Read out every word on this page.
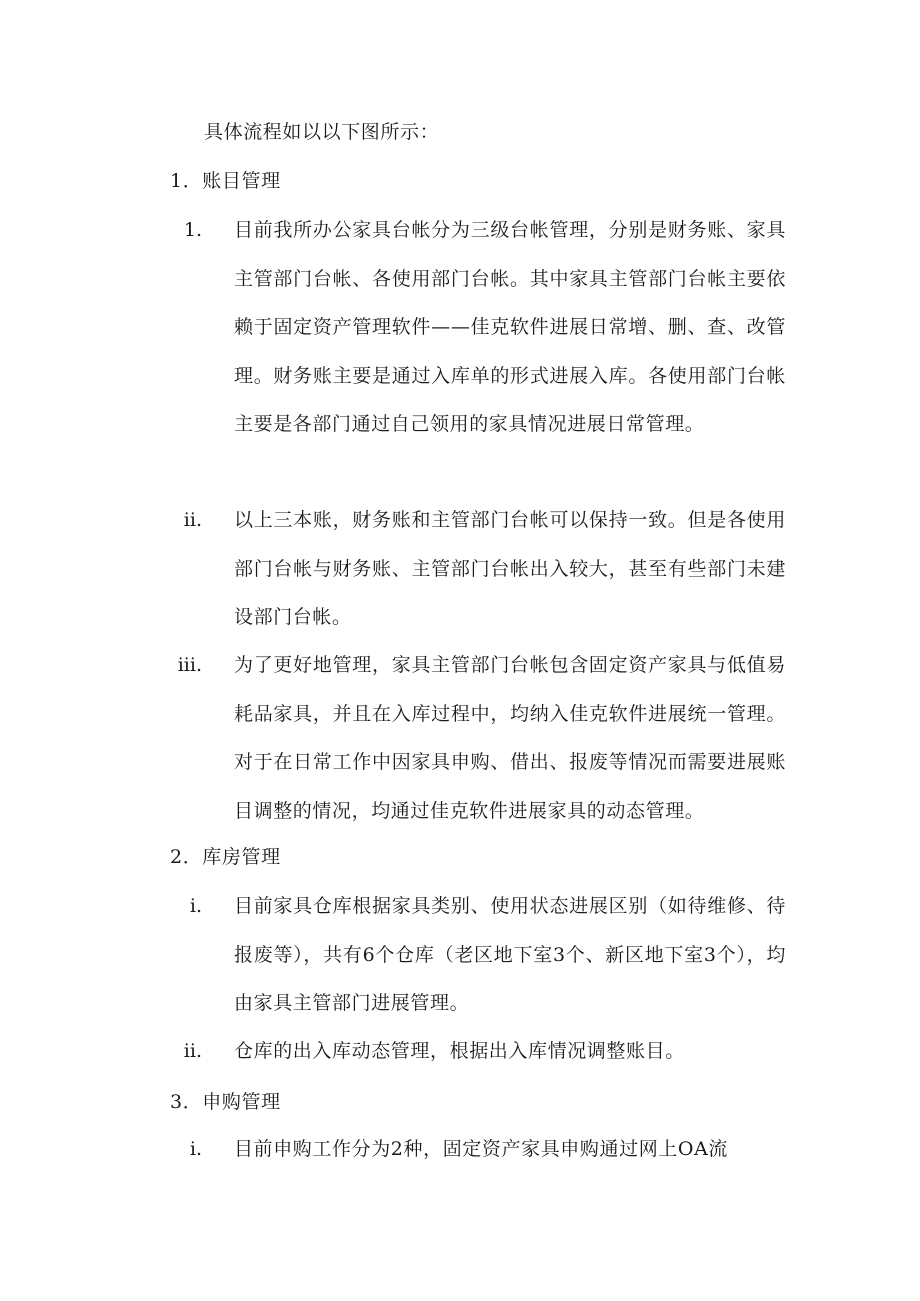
具体流程如以以下图所示：
1．账目管理
1. 目前我所办公家具台帐分为三级台帐管理，分别是财务账、家具主管部门台帐、各使用部门台帐。其中家具主管部门台帐主要依赖于固定资产管理软件——佳克软件进展日常增、删、查、改管理。财务账主要是通过入库单的形式进展入库。各使用部门台帐主要是各部门通过自己领用的家具情况进展日常管理。
ii. 以上三本账，财务账和主管部门台帐可以保持一致。但是各使用部门台帐与财务账、主管部门台帐出入较大，甚至有些部门未建设部门台帐。
iii. 为了更好地管理，家具主管部门台帐包含固定资产家具与低值易耗品家具，并且在入库过程中，均纳入佳克软件进展统一管理。对于在日常工作中因家具申购、借出、报废等情况而需要进展账目调整的情况，均通过佳克软件进展家具的动态管理。
2．库房管理
i. 目前家具仓库根据家具类别、使用状态进展区别（如待维修、待报废等），共有6个仓库（老区地下室3个、新区地下室3个），均由家具主管部门进展管理。
ii. 仓库的出入库动态管理，根据出入库情况调整账目。
3．申购管理
i. 目前申购工作分为2种，固定资产家具申购通过网上OA流
